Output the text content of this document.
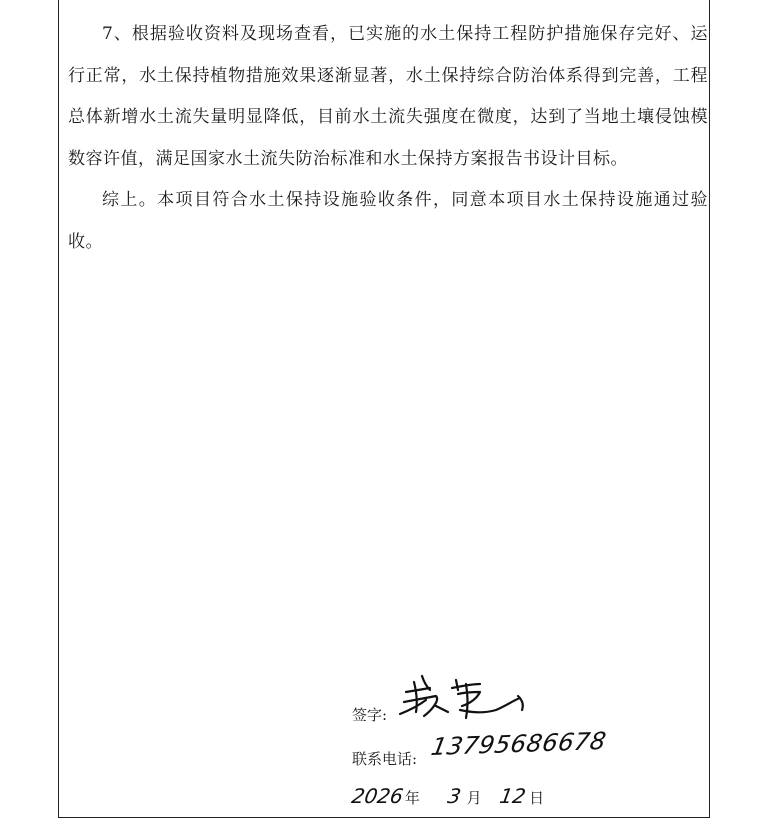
7、根据验收资料及现场查看，已实施的水土保持工程防护措施保存完好、运行正常，水土保持植物措施效果逐渐显著，水土保持综合防治体系得到完善，工程总体新增水土流失量明显降低，目前水土流失强度在微度，达到了当地土壤侵蚀模数容许值，满足国家水土流失防治标准和水土保持方案报告书设计目标。

综上。本项目符合水土保持设施验收条件，同意本项目水土保持设施通过验收。

签字:
联系电话: 13795686678
2026年 3 月 12 日
